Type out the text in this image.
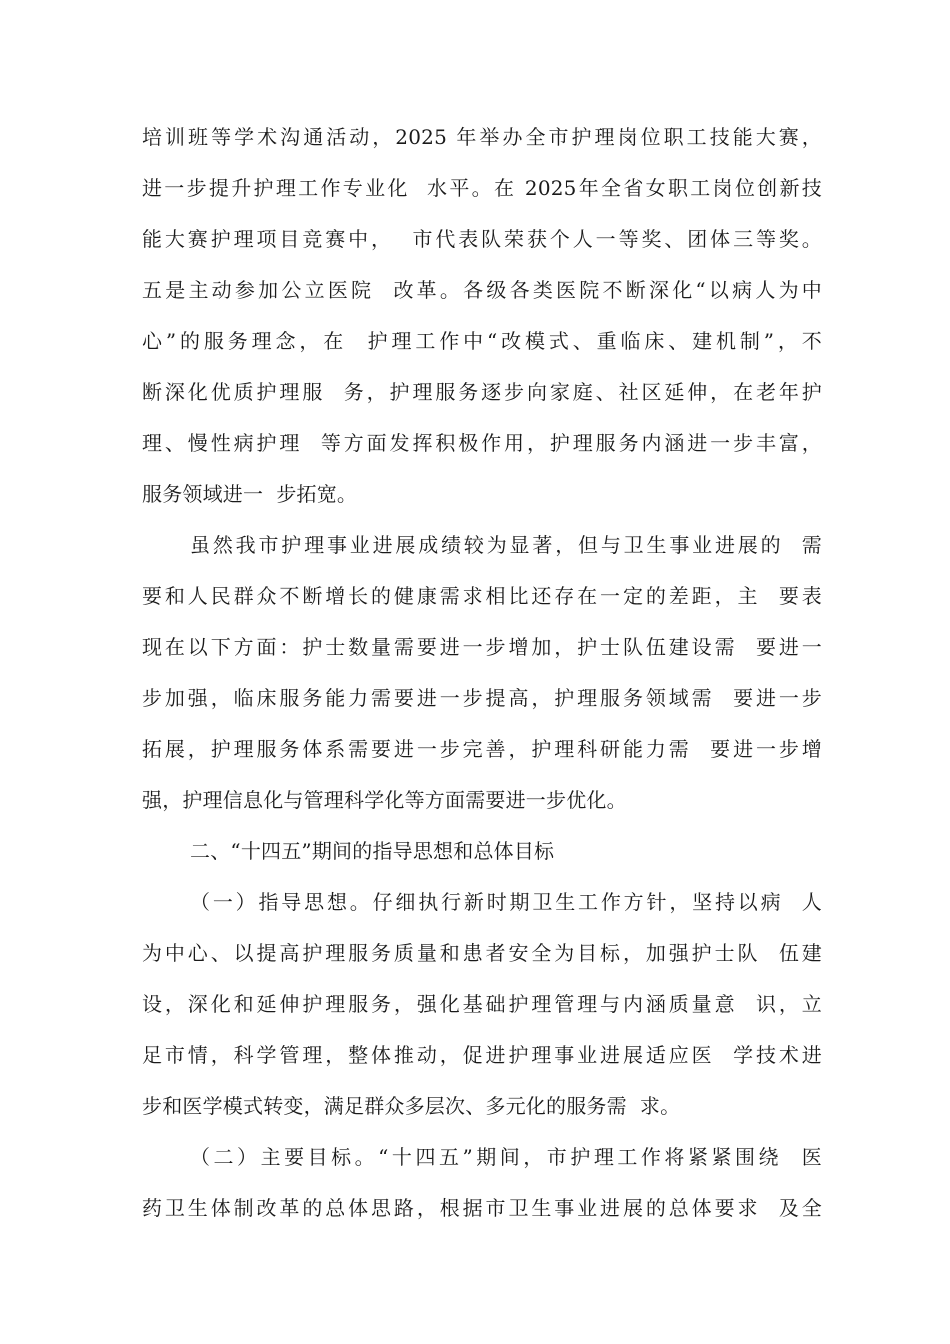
培训班等学术沟通活动，2025 年举办全市护理岗位职工技能大赛，
进一步提升护理工作专业化  水平。在 2025年全省女职工岗位创新技
能大赛护理项目竞赛中，  市代表队荣获个人一等奖、团体三等奖。
五是主动参加公立医院  改革。各级各类医院不断深化“以病人为中
心”的服务理念，在  护理工作中“改模式、重临床、建机制”，不
断深化优质护理服  务，护理服务逐步向家庭、社区延伸，在老年护
理、慢性病护理  等方面发挥积极作用，护理服务内涵进一步丰富，
服务领域进一  步拓宽。
虽然我市护理事业进展成绩较为显著，但与卫生事业进展的  需
要和人民群众不断增长的健康需求相比还存在一定的差距，主  要表
现在以下方面：护士数量需要进一步增加，护士队伍建设需  要进一
步加强，临床服务能力需要进一步提高，护理服务领域需  要进一步
拓展，护理服务体系需要进一步完善，护理科研能力需  要进一步增
强，护理信息化与管理科学化等方面需要进一步优化。
二、“十四五”期间的指导思想和总体目标
（一）指导思想。仔细执行新时期卫生工作方针，坚持以病  人
为中心、以提高护理服务质量和患者安全为目标，加强护士队  伍建
设，深化和延伸护理服务，强化基础护理管理与内涵质量意  识，立
足市情，科学管理，整体推动，促进护理事业进展适应医  学技术进
步和医学模式转变，满足群众多层次、多元化的服务需  求。
（二）主要目标。“十四五”期间，市护理工作将紧紧围绕  医
药卫生体制改革的总体思路，根据市卫生事业进展的总体要求  及全
